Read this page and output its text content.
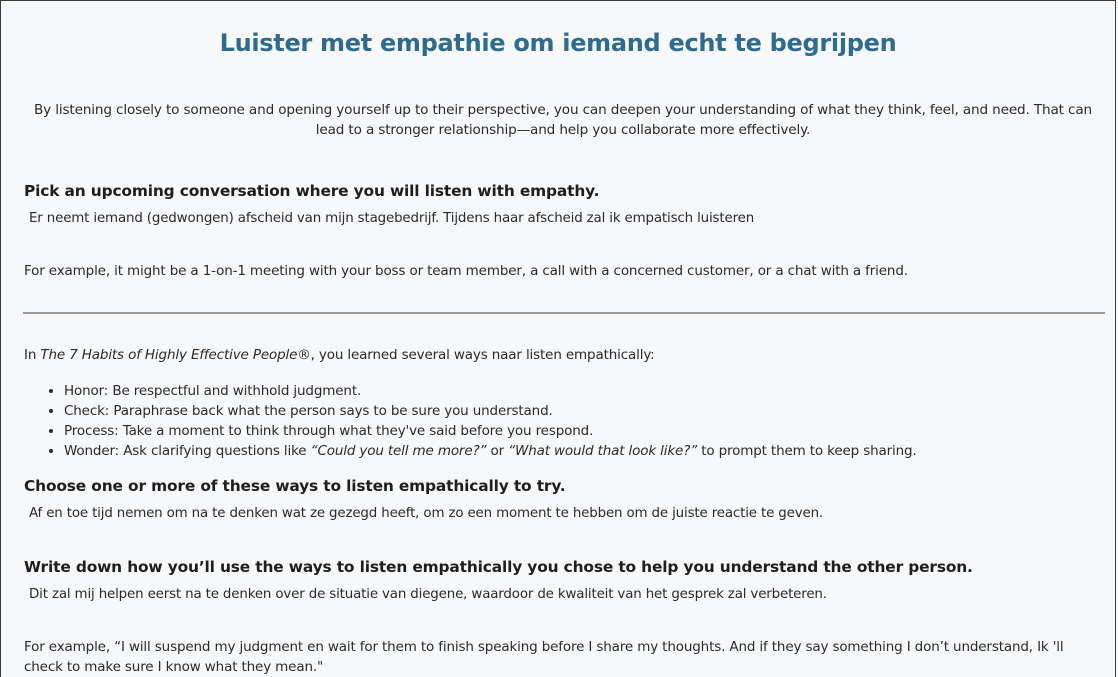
Luister met empathie om iemand echt te begrijpen

By listening closely to someone and opening yourself up to their perspective, you can deepen your understanding of what they think, feel, and need. That can lead to a stronger relationship—and help you collaborate more effectively.

Pick an upcoming conversation where you will listen with empathy.

Er neemt iemand (gedwongen) afscheid van mijn stagebedrijf. Tijdens haar afscheid zal ik empatisch luisteren

For example, it might be a 1-on-1 meeting with your boss or team member, a call with a concerned customer, or a chat with a friend.

In The 7 Habits of Highly Effective People®, you learned several ways naar listen empathically:

• Honor: Be respectful and withhold judgment.
• Check: Paraphrase back what the person says to be sure you understand.
• Process: Take a moment to think through what they've said before you respond.
• Wonder: Ask clarifying questions like “Could you tell me more?” or “What would that look like?” to prompt them to keep sharing.
Choose one or more of these ways to listen empathically to try.

Af en toe tijd nemen om na te denken wat ze gezegd heeft, om zo een moment te hebben om de juiste reactie te geven.

Write down how you’ll use the ways to listen empathically you chose to help you understand the other person.

Dit zal mij helpen eerst na te denken over de situatie van diegene, waardoor de kwaliteit van het gesprek zal verbeteren.

For example, “I will suspend my judgment en wait for them to finish speaking before I share my thoughts. And if they say something I don’t understand, Ik 'll check to make sure I know what they mean."
